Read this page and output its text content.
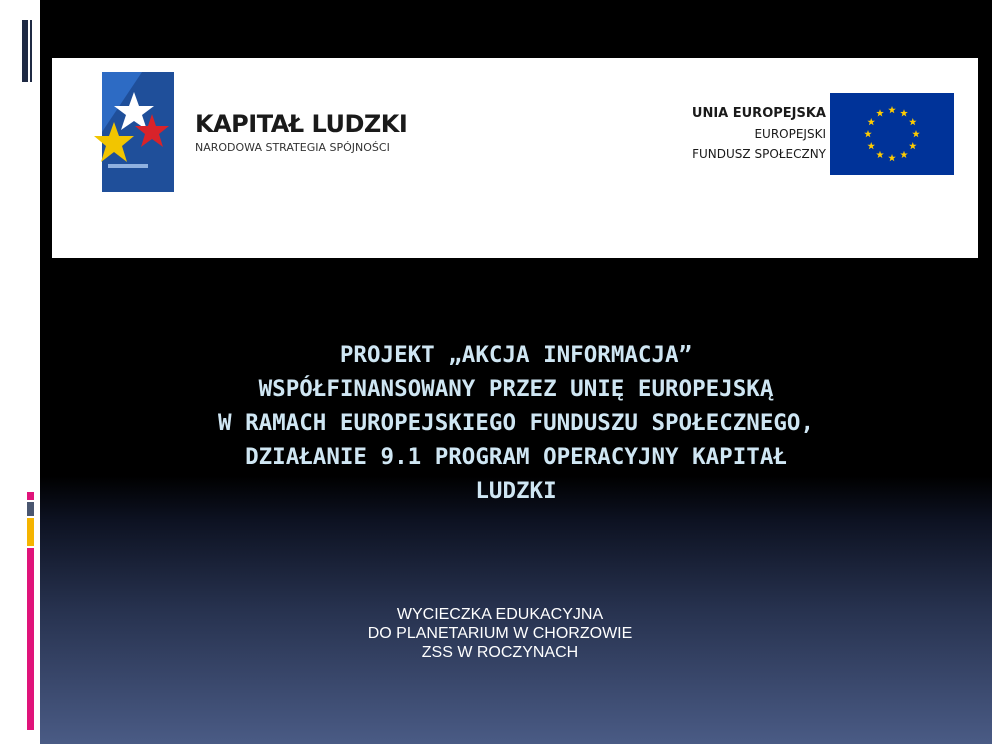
KAPITAŁ LUDZKI
NARODOWA STRATEGIA SPÓJNOŚCI
UNIA EUROPEJSKA
EUROPEJSKI
FUNDUSZ SPOŁECZNY
PROJEKT „AKCJA INFORMACJA”
WSPÓŁFINANSOWANY PRZEZ UNIĘ EUROPEJSKĄ
W RAMACH EUROPEJSKIEGO FUNDUSZU SPOŁECZNEGO,
DZIAŁANIE 9.1 PROGRAM OPERACYJNY KAPITAŁ
LUDZKI
WYCIECZKA EDUKACYJNA
DO PLANETARIUM W CHORZOWIE
ZSS W ROCZYNACH
